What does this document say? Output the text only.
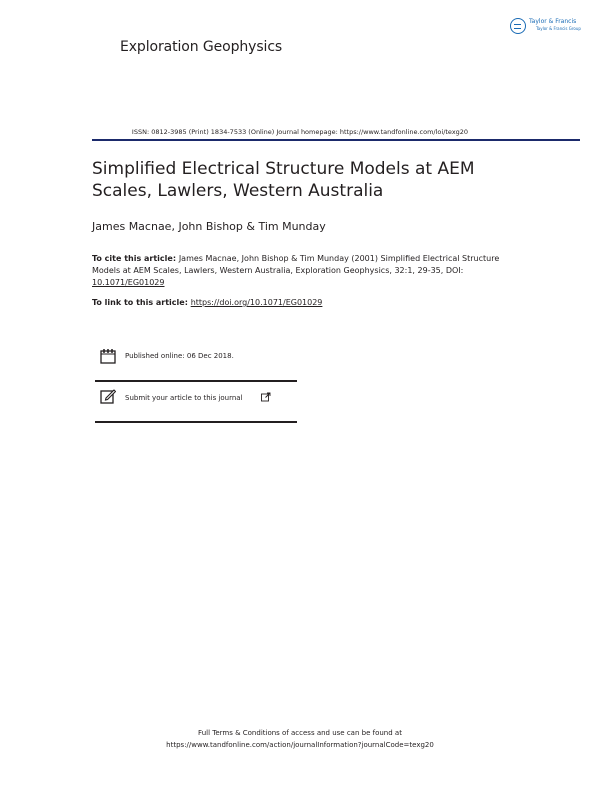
Exploration Geophysics
Taylor & Francis
Taylor & Francis Group
ISSN: 0812-3985 (Print) 1834-7533 (Online) Journal homepage: https://www.tandfonline.com/loi/texg20
Simplified Electrical Structure Models at AEM
Scales, Lawlers, Western Australia
James Macnae, John Bishop & Tim Munday
To cite this article: James Macnae, John Bishop & Tim Munday (2001) Simplified Electrical Structure Models at AEM Scales, Lawlers, Western Australia, Exploration Geophysics, 32:1, 29-35, DOI: 10.1071/EG01029
To link to this article: https://doi.org/10.1071/EG01029
Published online: 06 Dec 2018.
Submit your article to this journal
Full Terms & Conditions of access and use can be found at
https://www.tandfonline.com/action/journalInformation?journalCode=texg20
